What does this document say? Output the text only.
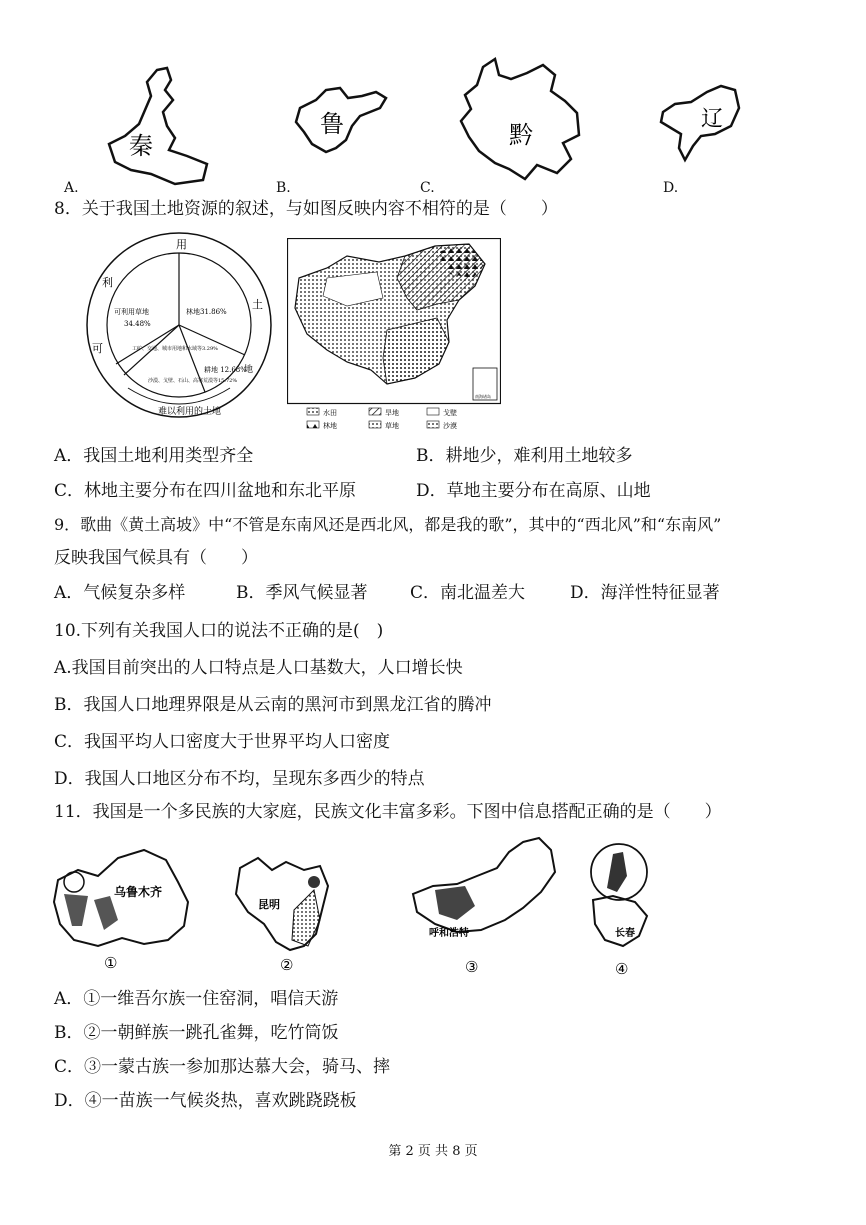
秦
A.
鲁
B.
黔
C.
辽
D.
8．关于我国土地资源的叙述，与如图反映内容不相符的是（　　）
用
土
利
可
可利用草地
34.48%
林地31.86%
耕地 12.68%
地
工矿、交通、城市用地和水域等3.29%
沙漠、戈壁、石山、高寒荒漠等15.72%
难以利用的土地
南海诸岛
水田	旱地	戈壁
林地	草地	沙漠
A．我国土地利用类型齐全	B．耕地少，难利用土地较多
C．林地主要分布在四川盆地和东北平原	D．草地主要分布在高原、山地
9．歌曲《黄土高坡》中“不管是东南风还是西北风，都是我的歌”，其中的“西北风”和“东南风”
反映我国气候具有（　　）
A．气候复杂多样	B．季风气候显著	C．南北温差大	D．海洋性特征显著
10.下列有关我国人口的说法不正确的是(　)
A.我国目前突出的人口特点是人口基数大，人口增长快
B．我国人口地理界限是从云南的黑河市到黑龙江省的腾冲
C．我国平均人口密度大于世界平均人口密度
D．我国人口地区分布不均，呈现东多西少的特点
11．我国是一个多民族的大家庭，民族文化丰富多彩。下图中信息搭配正确的是（　　）
乌鲁木齐
①
昆明
②
呼和浩特
③
长春
④
A．①一维吾尔族一住窑洞，唱信天游
B．②一朝鲜族一跳孔雀舞，吃竹筒饭
C．③一蒙古族一参加那达慕大会，骑马、摔
D．④一苗族一气候炎热，喜欢跳跷跷板
第 2 页 共 8 页
